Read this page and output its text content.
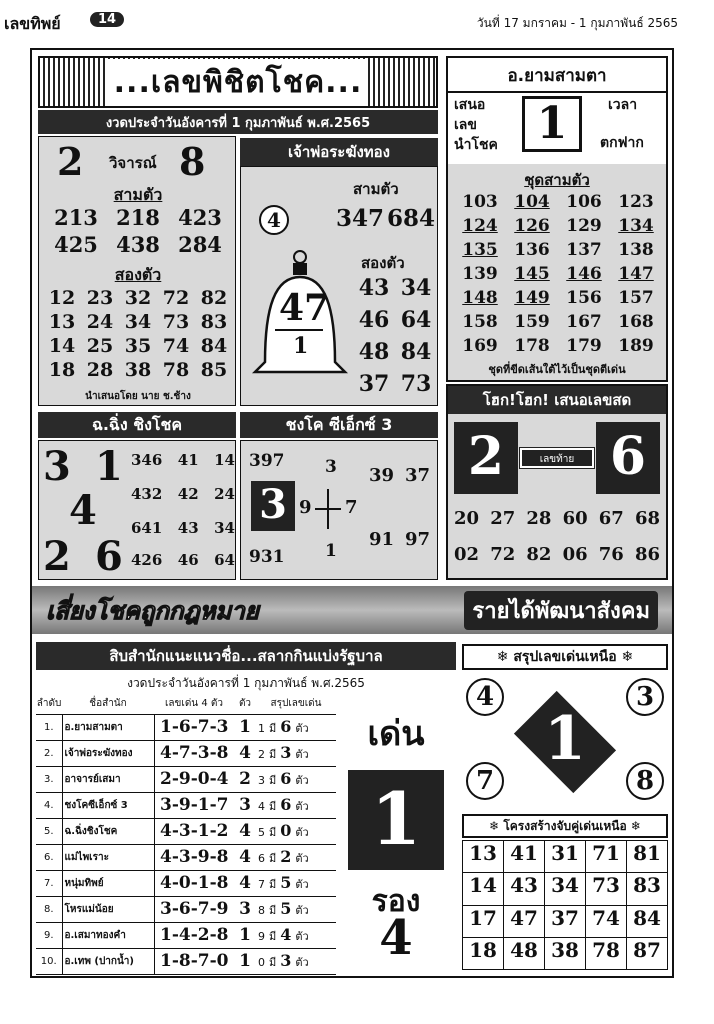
เลขทิพย์	14	วันที่ 17 มกราคม - 1 กุมภาพันธ์ 2565
...เลขพิชิตโชค...
งวดประจำวันอังคารที่ 1 กุมภาพันธ์ พ.ศ.2565
2 วิจารณ์ 8
สามตัว
213 218 423
425 438 284
สองตัว
12 23 32 72 82
13 24 34 73 83
14 25 35 74 84
18 28 38 78 85
นำเสนอโดย นาย ช.ช้าง
เจ้าพ่อระฆังทอง
สามตัว
4	347 684
47
1
สองตัว
43 34
46 64
48 84
37 73
อ.ยามสามตา
เสนอ
เลข
นำโชค 1	เวลา
ตกฟาก
ชุดสามตัว
103 104 106 123
124 126 129 134
135 136 137 138
139 145 146 147
148 149 156 157
158 159 167 168
169 178 179 189
ชุดที่ขีดเส้นใต้ไว้เป็นชุดตีเด่น
ฉ.ฉิ่ง ชิงโชค
3 1
4
2 6
346 41 14
432 42 24
641 43 34
426 46 64
ชงโค ซีเอ็กซ์ 3
397 3 39 37
3 9 7
931 1
91 97
โฮก!โฮก! เสนอเลขสด
2	เลขท้าย 6
20 27 28 60 67 68
02 72 82 06 76 86
เสี่ยงโชคถูกกฎหมาย	รายได้พัฒนาสังคม
สิบสำนักแนะแนวชื่อ...สลากกินแบ่งรัฐบาล
งวดประจำวันอังคารที่ 1 กุมภาพันธ์ พ.ศ.2565
ลำดับ	ชื่อสำนัก	เลขเด่น 4 ตัว	ตัว	สรุปเลขเด่น
1.	อ.ยามสามตา	1-6-7-3	1	1 มี 6 ตัว
2.	เจ้าพ่อระฆังทอง	4-7-3-8	4	2 มี 3 ตัว
3.	อาจารย์เสมา	2-9-0-4	2	3 มี 6 ตัว
4.	ชงโคซีเอ็กซ์ 3	3-9-1-7	3	4 มี 6 ตัว
5.	ฉ.ฉิ่งชิงโชค	4-3-1-2	4	5 มี 0 ตัว
6.	แม่ไพเราะ	4-3-9-8	4	6 มี 2 ตัว
7.	หนุ่มทิพย์	4-0-1-8	4	7 มี 5 ตัว
8.	โหรแม่น้อย	3-6-7-9	3	8 มี 5 ตัว
9.	อ.เสมาทองคำ	1-4-2-8	1	9 มี 4 ตัว
10.	อ.เทพ (ปากน้ำ)	1-8-7-0	1	0 มี 3 ตัว
เด่น
1
รอง
4
❄ สรุปเลขเด่นเหนือ ❄
1
4	3
7	8
❄ โครงสร้างจับคู่เด่นเหนือ ❄
13 41 31 71 81
14 43 34 73 83
17 47 37 74 84
18 48 38 78 87
